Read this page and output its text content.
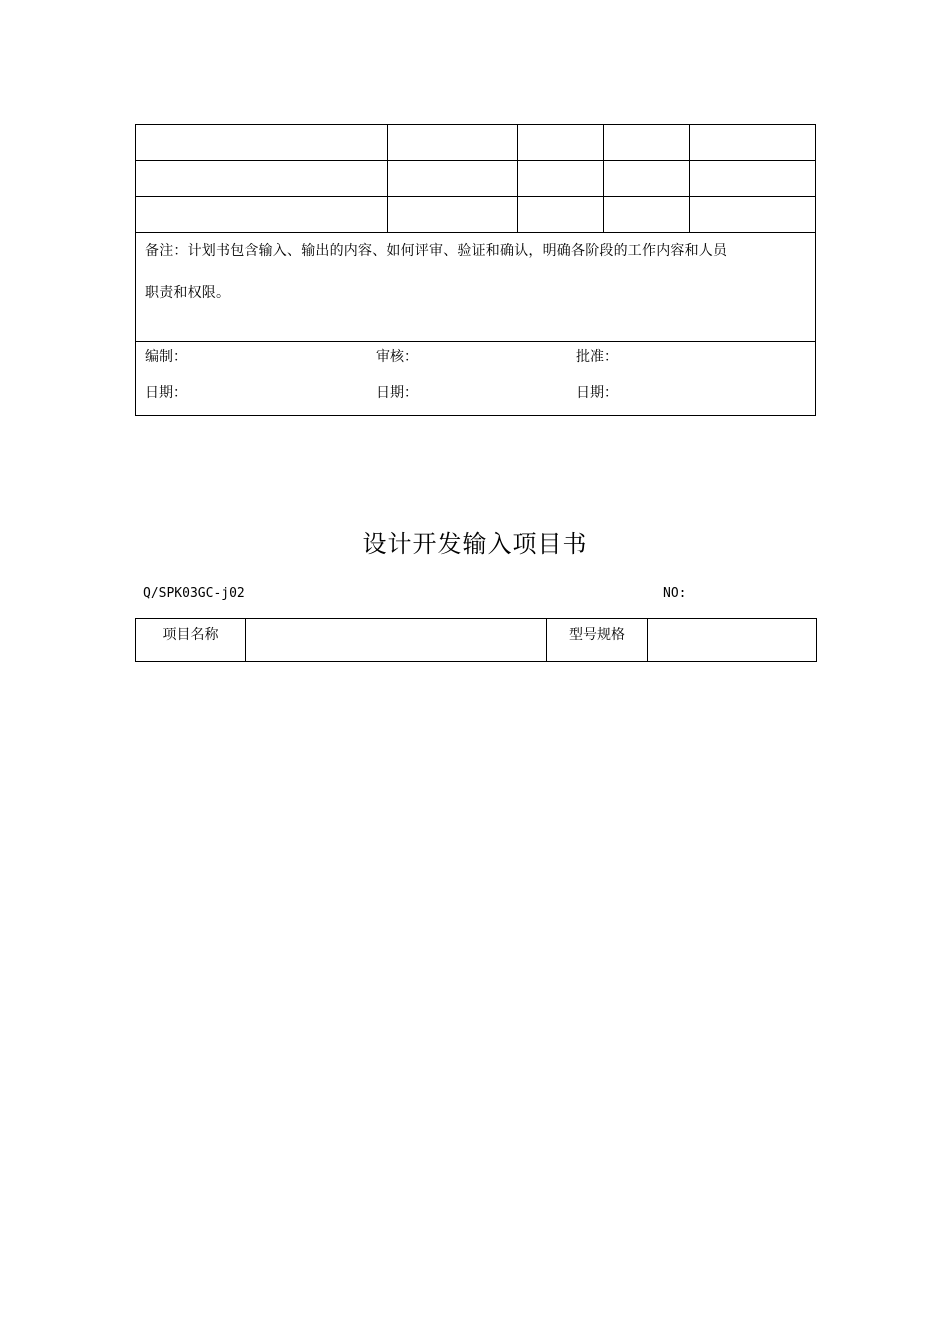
备注：计划书包含输入、输出的内容、如何评审、验证和确认，明确各阶段的工作内容和人员
职责和权限。
编制：	审核：	批准：
日期：	日期：	日期：
设计开发输入项目书
Q/SPK03GC-j02	NO:
项目名称		型号规格	
